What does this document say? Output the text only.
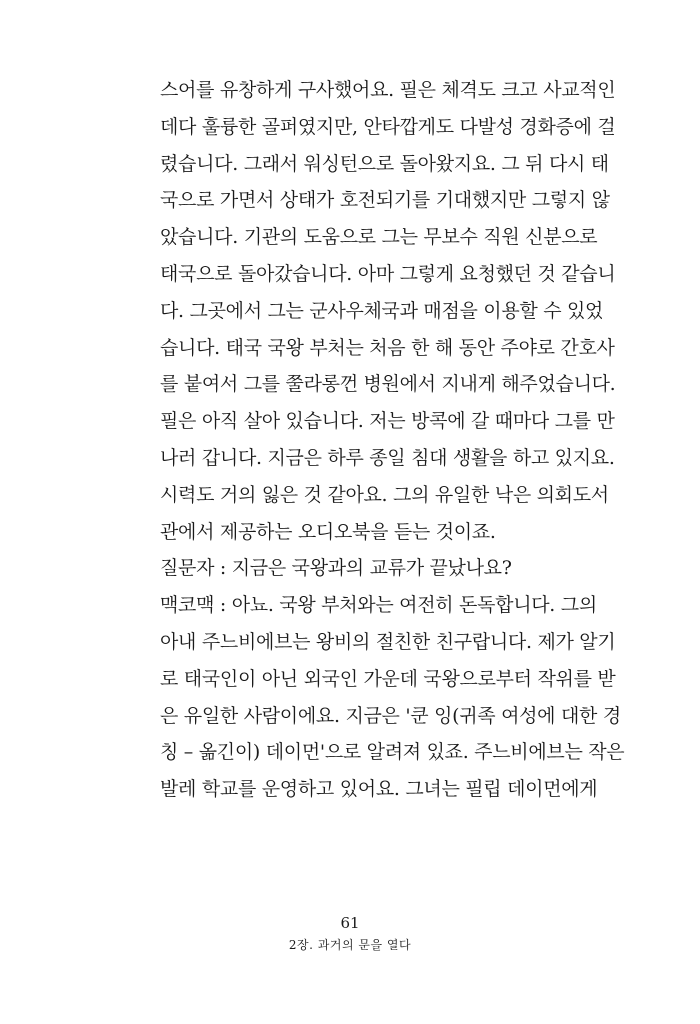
스어를 유창하게 구사했어요. 필은 체격도 크고 사교적인
데다 훌륭한 골퍼였지만, 안타깝게도 다발성 경화증에 걸
렸습니다. 그래서 워싱턴으로 돌아왔지요. 그 뒤 다시 태
국으로 가면서 상태가 호전되기를 기대했지만 그렇지 않
았습니다. 기관의 도움으로 그는 무보수 직원 신분으로
태국으로 돌아갔습니다. 아마 그렇게 요청했던 것 같습니
다. 그곳에서 그는 군사우체국과 매점을 이용할 수 있었
습니다. 태국 국왕 부처는 처음 한 해 동안 주야로 간호사
를 붙여서 그를 쭐라롱껀 병원에서 지내게 해주었습니다.
필은 아직 살아 있습니다. 저는 방콕에 갈 때마다 그를 만
나러 갑니다. 지금은 하루 종일 침대 생활을 하고 있지요.
시력도 거의 잃은 것 같아요. 그의 유일한 낙은 의회도서
관에서 제공하는 오디오북을 듣는 것이죠.
질문자 : 지금은 국왕과의 교류가 끝났나요?
맥코맥 : 아뇨. 국왕 부처와는 여전히 돈독합니다. 그의
아내 주느비에브는 왕비의 절친한 친구랍니다. 제가 알기
로 태국인이 아닌 외국인 가운데 국왕으로부터 작위를 받
은 유일한 사람이에요. 지금은 '쿤 잉(귀족 여성에 대한 경
칭 – 옮긴이) 데이먼'으로 알려져 있죠. 주느비에브는 작은
발레 학교를 운영하고 있어요. 그녀는 필립 데이먼에게
61
2장. 과거의 문을 열다
